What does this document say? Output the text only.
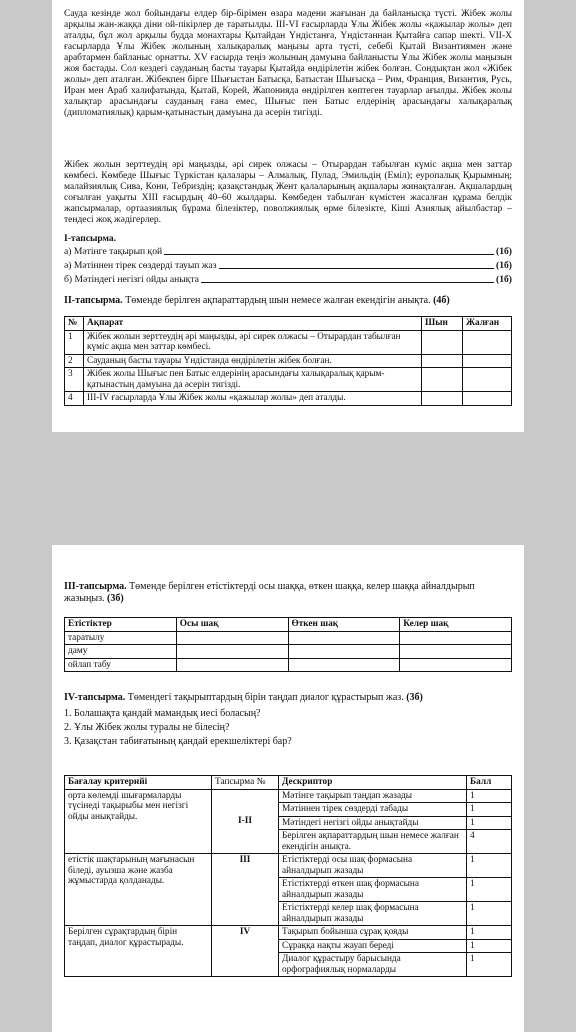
Сауда кезінде жол бойындағы елдер бір-бірімен өзара мәдени жағынан да байланысқа түсті. Жібек жолы арқылы жан-жаққа діни ой-пікірлер де таратылды. III-VI ғасырларда Ұлы Жібек жолы «қажылар жолы» деп аталды, бұл жол арқылы будда монахтары Қытайдан Үндістанға, Үндістаннан Қытайға сапар шекті. VII-X ғасырларда Ұлы Жібек жолының халықаралық маңызы арта түсті, себебі Қытай Византиямен және арабтармен байланыс орнатты. XV ғасырда теңіз жолының дамуына байланысты Ұлы Жібек жолы маңызын жоя бастады. Сол кездегі сауданың басты тауары Қытайда өндірілетін жібек болған. Сондықтан жол «Жібек жолы» деп аталған. Жібекпен бірге Шығыстан Батысқа, Батыстан Шығысқа – Рим, Франция, Византия, Русь, Иран мен Араб халифатында, Қытай, Корей, Жапонияда өндірілген көптеген тауарлар ағылды. Жібек жолы халықтар арасындағы сауданың ғана емес, Шығыс пен Батыс елдерінің арасындағы халықаралық (дипломатиялық) қарым-қатынастың дамуына да әсерін тигізді.
Жібек жолын зерттеудің әрі маңызды, әрі сирек олжасы – Отырардан табылған күміс ақша мен заттар көмбесі. Көмбеде Шығыс Түркістан қалалары – Алмалық, Пулад, Эмильдің (Еміл); еуропалық Қырымның; малайзиялық Сива, Кони, Тебриздің; қазақстандық Жент қалаларының ақшалары жинақталған. Ақшалардың соғылған уақыты XIII ғасырдың 40–60 жылдары. Көмбеден табылған күмістен жасалған құрама белдік жапсырмалар, ортаазиялық бұрама білезіктер, поволжиялық өрме білезікте, Кіші Азиялық айылбастар – тендесі жоқ жәдігерлер.
І-тапсырма.
а) Мәтінге тақырып қой	(1б)
ә) Мәтіннен тірек сөздерді тауып жаз	(1б)
б) Мәтіндегі негізгі ойды анықта	(1б)
ІІ-тапсырма. Төменде берілген ақпараттардың шын немесе жалған екендігін анықта. (4б)
№	Ақпарат	Шын	Жалған
1	Жібек жолын зерттеудің әрі маңызды, әрі сирек олжасы – Отырардан табылған күміс ақша мен заттар көмбесі.		
2	Сауданың басты тауары Үндістанда өндірілетін жібек болған.		
3	Жібек жолы Шығыс пен Батыс елдерінің арасындағы халықаралық қарым-қатынастың дамуына да әсерін тигізді.		
4	ІІІ-ІV ғасырларда Ұлы Жібек жолы «қажылар жолы» деп аталды.		
ІІІ-тапсырма. Төменде берілген етістіктерді осы шаққа, өткен шаққа, келер шаққа айналдырып жазыңыз. (3б)
Етістіктер	Осы шақ	Өткен шақ	Келер шақ
таратылу			
даму			
ойлап табу			
ІV-тапсырма. Төмендегі тақырыптардың бірін таңдап диалог құрастырып жаз. (3б)
1. Болашақта қандай мамандық иесі боласың?
2. Ұлы Жібек жолы туралы не білесің?
3. Қазақстан табиғатының қандай ерекшеліктері бар?
Бағалау критерийі	Тапсырма №	Дескриптор	Балл
орта көлемді шығармаларды түсінеді тақырыбы мен негізгі ойды анықтайды.	І-ІІ	Мәтінге тақырып таңдап жазады	1
		Мәтіннен тірек сөздерді табады	1
		Мәтіндегі негізгі ойды анықтайды	1
		Берілген ақпараттардың шын немесе жалған екендігін анықта.	4
етістік шақтарының мағынасын біледі, ауызша және жазба жұмыстарда қолданады.	ІІІ	Етістіктерді осы шақ формасына айналдырып жазады	1
		Етістіктерді өткен шақ формасына айналдырып жазады	1
		Етістіктерді келер шақ формасына айналдырып жазады	1
Берілген сұрақтардың бірін таңдап, диалог құрастырады.	ІV	Тақырып бойынша сұрақ қояды	1
		Сұраққа нақты жауап береді	1
		Диалог құрастыру барысында орфографиялық нормаларды	1
